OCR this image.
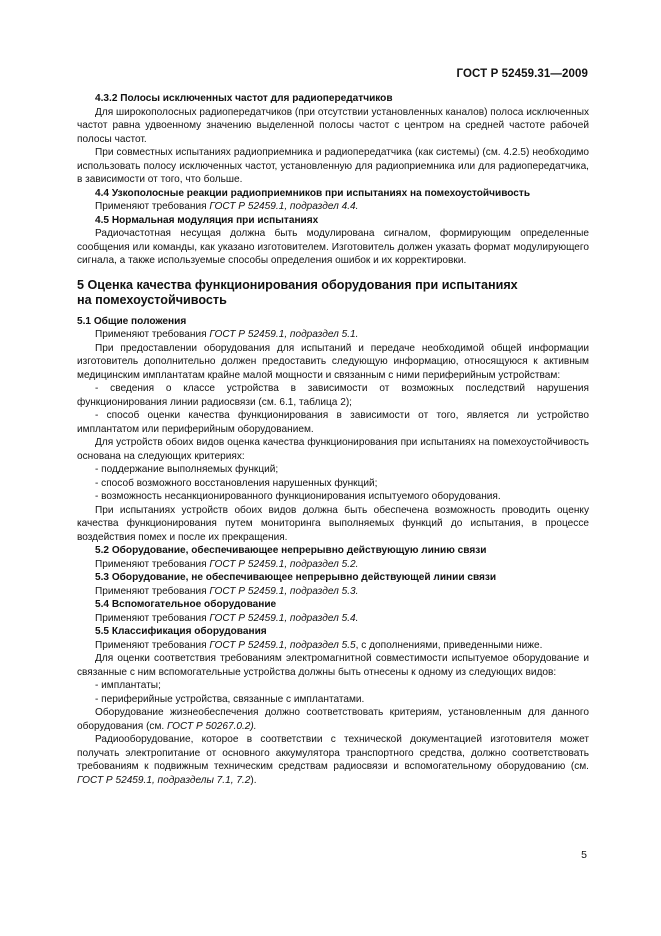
ГОСТ Р 52459.31—2009

4.3.2 Полосы исключенных частот для радиопередатчиков

Для широкополосных радиопередатчиков (при отсутствии установленных каналов) полоса исключенных частот равна удвоенному значению выделенной полосы частот с центром на средней частоте рабочей полосы частот.

При совместных испытаниях радиоприемника и радиопередатчика (как системы) (см. 4.2.5) необходимо использовать полосу исключенных частот, установленную для радиоприемника или для радиопередатчика, в зависимости от того, что больше.

4.4 Узкополосные реакции радиоприемников при испытаниях на помехоустойчивость

Применяют требования ГОСТ Р 52459.1, подраздел 4.4.

4.5 Нормальная модуляция при испытаниях

Радиочастотная несущая должна быть модулирована сигналом, формирующим определенные сообщения или команды, как указано изготовителем. Изготовитель должен указать формат модулирующего сигнала, а также используемые способы определения ошибок и их корректировки.

5 Оценка качества функционирования оборудования при испытаниях
на помехоустойчивость

5.1 Общие положения

Применяют требования ГОСТ Р 52459.1, подраздел 5.1.

При предоставлении оборудования для испытаний и передаче необходимой общей информации изготовитель дополнительно должен предоставить следующую информацию, относящуюся к активным медицинским имплантатам крайне малой мощности и связанным с ними периферийным устройствам:

- сведения о классе устройства в зависимости от возможных последствий нарушения функционирования линии радиосвязи (см. 6.1, таблица 2);

- способ оценки качества функционирования в зависимости от того, является ли устройство имплантатом или периферийным оборудованием.

Для устройств обоих видов оценка качества функционирования при испытаниях на помехоустойчивость основана на следующих критериях:

- поддержание выполняемых функций;

- способ возможного восстановления нарушенных функций;

- возможность несанкционированного функционирования испытуемого оборудования.

При испытаниях устройств обоих видов должна быть обеспечена возможность проводить оценку качества функционирования путем мониторинга выполняемых функций до испытания, в процессе воздействия помех и после их прекращения.

5.2 Оборудование, обеспечивающее непрерывно действующую линию связи

Применяют требования ГОСТ Р 52459.1, подраздел 5.2.

5.3 Оборудование, не обеспечивающее непрерывно действующей линии связи

Применяют требования ГОСТ Р 52459.1, подраздел 5.3.

5.4 Вспомогательное оборудование

Применяют требования ГОСТ Р 52459.1, подраздел 5.4.

5.5 Классификация оборудования

Применяют требования ГОСТ Р 52459.1, подраздел 5.5, с дополнениями, приведенными ниже.

Для оценки соответствия требованиям электромагнитной совместимости испытуемое оборудование и связанные с ним вспомогательные устройства должны быть отнесены к одному из следующих видов:

- имплантаты;

- периферийные устройства, связанные с имплантатами.

Оборудование жизнеобеспечения должно соответствовать критериям, установленным для данного оборудования (см. ГОСТ Р 50267.0.2).

Радиооборудование, которое в соответствии с технической документацией изготовителя может получать электропитание от основного аккумулятора транспортного средства, должно соответствовать требованиям к подвижным техническим средствам радиосвязи и вспомогательному оборудованию (см. ГОСТ Р 52459.1, подразделы 7.1, 7.2).

5
